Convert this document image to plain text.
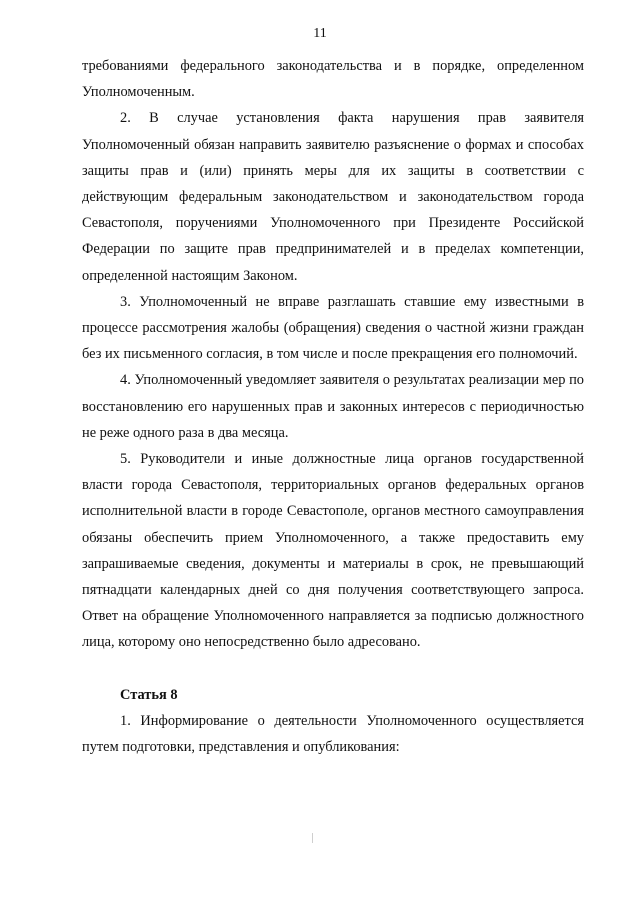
11

требованиями федерального законодательства и в порядке, определенном Уполномоченным.

2. В случае установления факта нарушения прав заявителя Уполномоченный обязан направить заявителю разъяснение о формах и способах защиты прав и (или) принять меры для их защиты в соответствии с действующим федеральным законодательством и законодательством города Севастополя, поручениями Уполномоченного при Президенте Российской Федерации по защите прав предпринимателей и в пределах компетенции, определенной настоящим Законом.

3. Уполномоченный не вправе разглашать ставшие ему известными в процессе рассмотрения жалобы (обращения) сведения о частной жизни граждан без их письменного согласия, в том числе и после прекращения его полномочий.

4. Уполномоченный уведомляет заявителя о результатах реализации мер по восстановлению его нарушенных прав и законных интересов с периодичностью не реже одного раза в два месяца.

5. Руководители и иные должностные лица органов государственной власти города Севастополя, территориальных органов федеральных органов исполнительной власти в городе Севастополе, органов местного самоуправления обязаны обеспечить прием Уполномоченного, а также предоставить ему запрашиваемые сведения, документы и материалы в срок, не превышающий пятнадцати календарных дней со дня получения соответствующего запроса. Ответ на обращение Уполномоченного направляется за подписью должностного лица, которому оно непосредственно было адресовано.

Статья 8

1. Информирование о деятельности Уполномоченного осуществляется путем подготовки, представления и опубликования:
